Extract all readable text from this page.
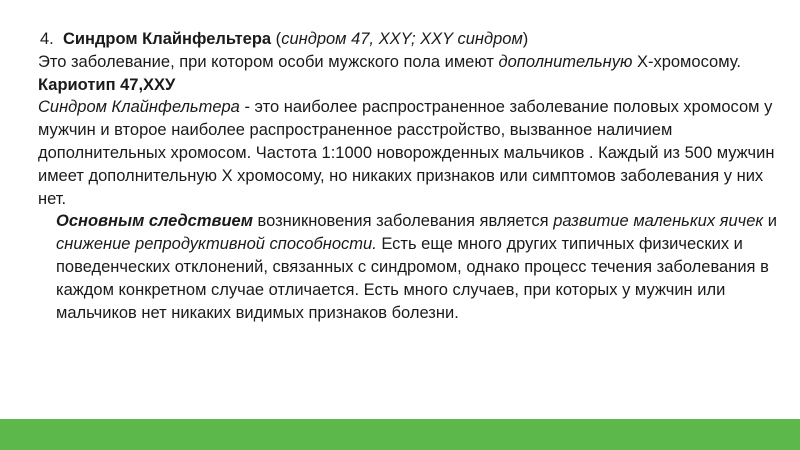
4. Синдром Клайнфельтера (синдром 47, XXY; XXY синдром)

Это заболевание, при котором особи мужского пола имеют дополнительную Х-хромосому.

Кариотип 47,ХХУ

Синдром Клайнфельтера - это наиболее распространенное заболевание половых хромосом у мужчин и второе наиболее распространенное расстройство, вызванное наличием дополнительных хромосом. Частота 1:1000 новорожденных мальчиков . Каждый из 500 мужчин имеет дополнительную Х хромосому, но никаких признаков или симптомов заболевания у них нет.

Основным следствием возникновения заболевания является развитие маленьких яичек и снижение репродуктивной способности. Есть еще много других типичных физических и поведенческих отклонений, связанных с синдромом, однако процесс течения заболевания в каждом конкретном случае отличается. Есть много случаев, при которых у мужчин или мальчиков нет никаких видимых признаков болезни.
